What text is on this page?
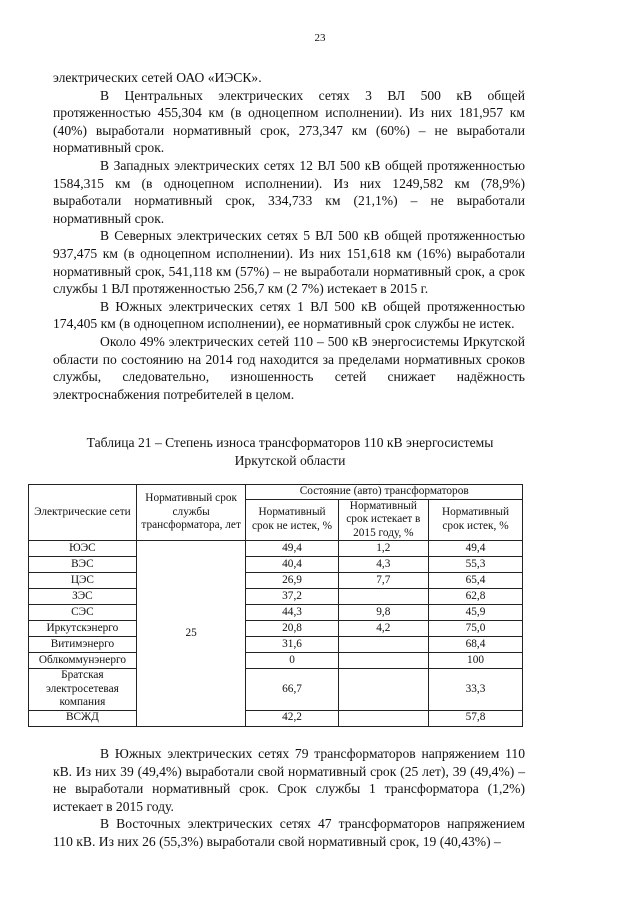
23

электрических сетей ОАО «ИЭСК».

В Центральных электрических сетях 3 ВЛ 500 кВ общей протяженностью 455,304 км (в одноцепном исполнении). Из них 181,957 км (40%) выработали нормативный срок, 273,347 км (60%) – не выработали нормативный срок.

В Западных электрических сетях 12 ВЛ 500 кВ общей протяженностью 1584,315 км (в одноцепном исполнении). Из них 1249,582 км (78,9%) выработали нормативный срок, 334,733 км (21,1%) – не выработали нормативный срок.

В Северных электрических сетях 5 ВЛ 500 кВ общей протяженностью 937,475 км (в одноцепном исполнении). Из них 151,618 км (16%) выработали нормативный срок, 541,118 км (57%) – не выработали нормативный срок, а срок службы 1 ВЛ протяженностью 256,7 км (2 7%) истекает в 2015 г.

В Южных электрических сетях 1 ВЛ 500 кВ общей протяженностью 174,405 км (в одноцепном исполнении), ее нормативный срок службы не истек.

Около 49% электрических сетей 110 – 500 кВ энергосистемы Иркутской области по состоянию на 2014 год находится за пределами нормативных сроков службы, следовательно, изношенность сетей снижает надёжность электроснабжения потребителей в целом.

Таблица 21 – Степень износа трансформаторов 110 кВ энергосистемы
Иркутской области
Электрические сети	Нормативный срок службы трансформатора, лет	Состояние (авто) трансформаторов		
		Нормативный срок не истек, %	Нормативный срок истекает в 2015 году, %	Нормативный срок истек, %
ЮЭС	25	49,4	1,2	49,4
ВЭС		40,4	4,3	55,3
ЦЭС		26,9	7,7	65,4
ЗЭС		37,2		62,8
СЭС		44,3	9,8	45,9
Иркутскэнерго		20,8	4,2	75,0
Витимэнерго		31,6		68,4
Облкоммунэнерго		0		100
Братская электросетевая компания		66,7		33,3
ВСЖД		42,2		57,8

В Южных электрических сетях 79 трансформаторов напряжением 110 кВ. Из них 39 (49,4%) выработали свой нормативный срок (25 лет), 39 (49,4%) – не выработали нормативный срок. Срок службы 1 трансформатора (1,2%) истекает в 2015 году.

В Восточных электрических сетях 47 трансформаторов напряжением 110 кВ. Из них 26 (55,3%) выработали свой нормативный срок, 19 (40,43%) –
